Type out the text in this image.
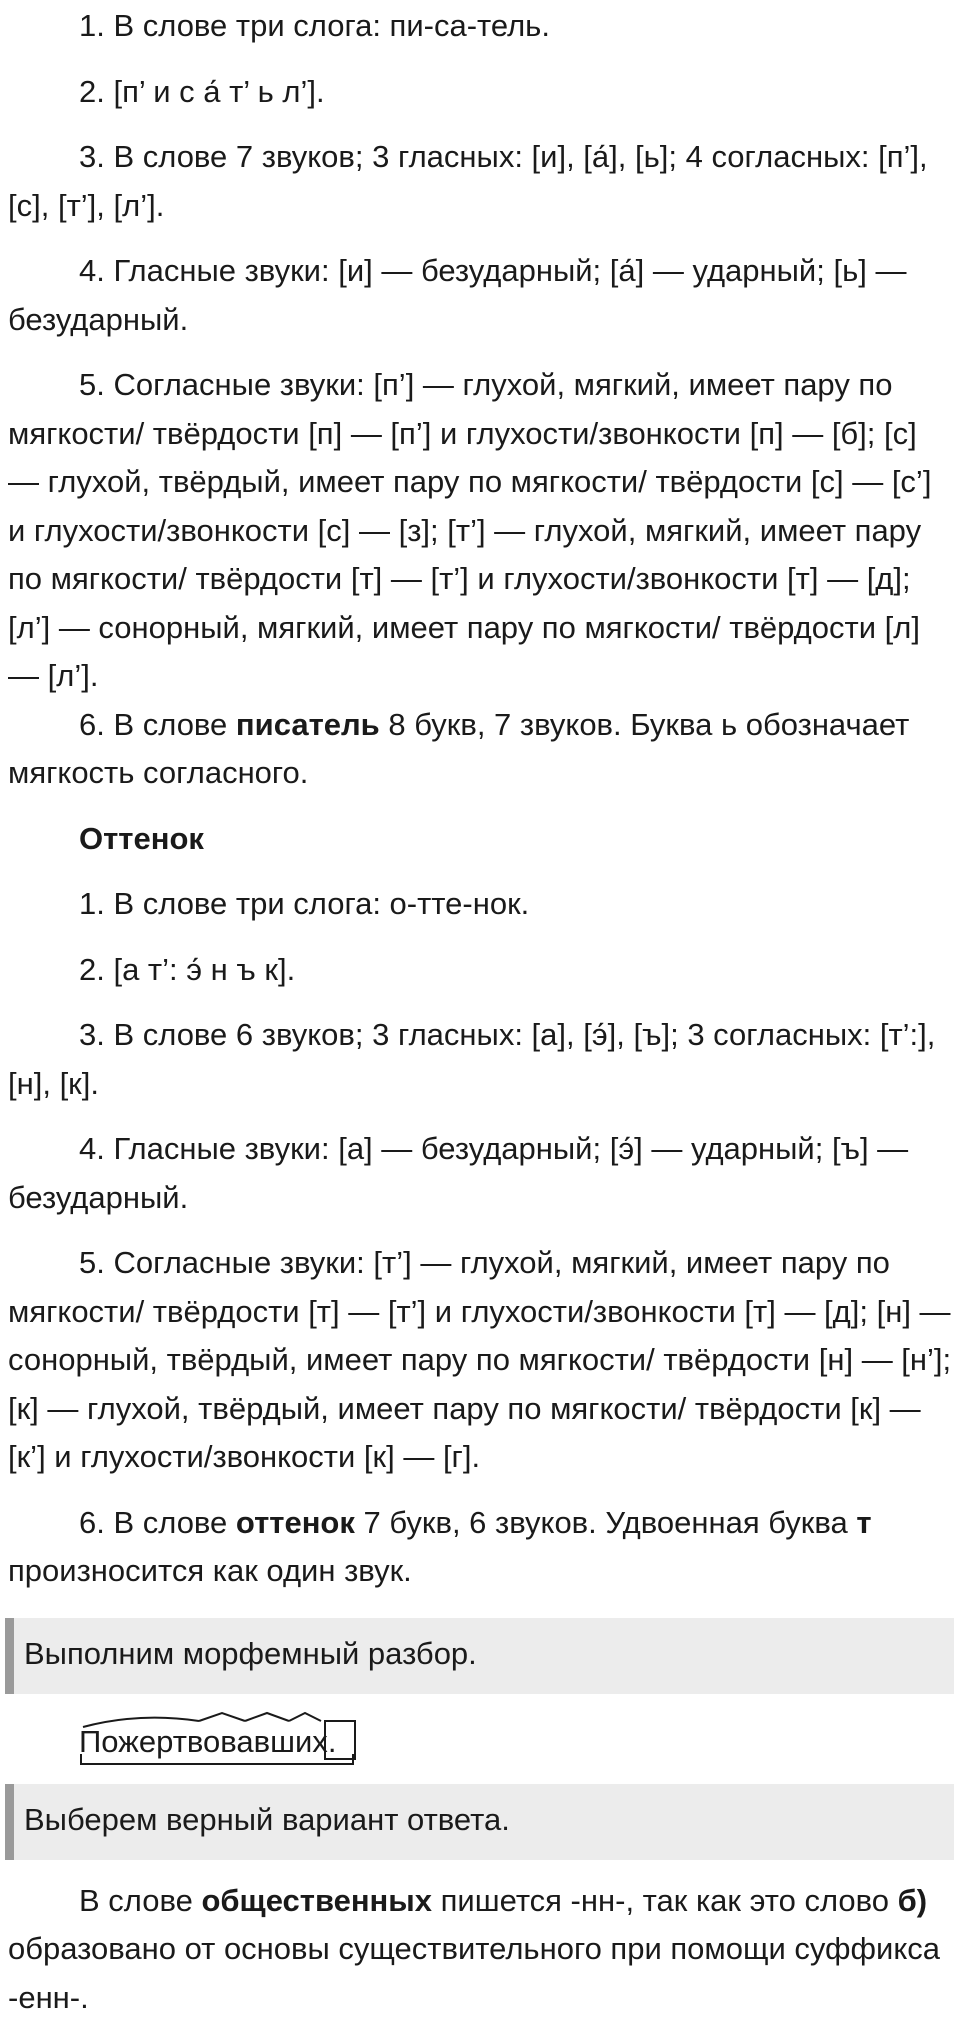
1. В слове три слога: пи-са-тель.

2. [п’ и с а́ т’ ь л’].

3. В слове 7 звуков; 3 гласных: [и], [а́], [ь]; 4 согласных: [п’], [с], [т’], [л’].

4. Гласные звуки: [и] — безударный; [а́] — ударный; [ь] — безударный.

5. Согласные звуки: [п’] — глухой, мягкий, имеет пару по мягкости/ твёрдости [п] — [п’] и глухости/звонкости [п] — [б]; [с] — глухой, твёрдый, имеет пару по мягкости/ твёрдости [с] — [с’] и глухости/звонкости [с] — [з]; [т’] — глухой, мягкий, имеет пару по мягкости/ твёрдости [т] — [т’] и глухости/звонкости [т] — [д]; [л’] — сонорный, мягкий, имеет пару по мягкости/ твёрдости [л] — [л’].

6. В слове писатель 8 букв, 7 звуков. Буква ь обозначает мягкость согласного.

Оттенок

1. В слове три слога: о-тте-нок.

2. [а т’: э́ н ъ к].

3. В слове 6 звуков; 3 гласных: [а], [э́], [ъ]; 3 согласных: [т’:], [н], [к].

4. Гласные звуки: [а] — безударный; [э́] — ударный; [ъ] — безударный.

5. Согласные звуки: [т’] — глухой, мягкий, имеет пару по мягкости/ твёрдости [т] — [т’] и глухости/звонкости [т] — [д]; [н] — сонорный, твёрдый, имеет пару по мягкости/ твёрдости [н] — [н’]; [к] — глухой, твёрдый, имеет пару по мягкости/ твёрдости [к] — [к’] и глухости/звонкости [к] — [г].

6. В слове оттенок 7 букв, 6 звуков. Удвоенная буква т произносится как один звук.

Выполним морфемный разбор.
Пожертвовавших.
Выберем верный вариант ответа.

В слове общественных пишется -нн-, так как это слово б) образовано от основы существительного при помощи суффикса -енн-.
